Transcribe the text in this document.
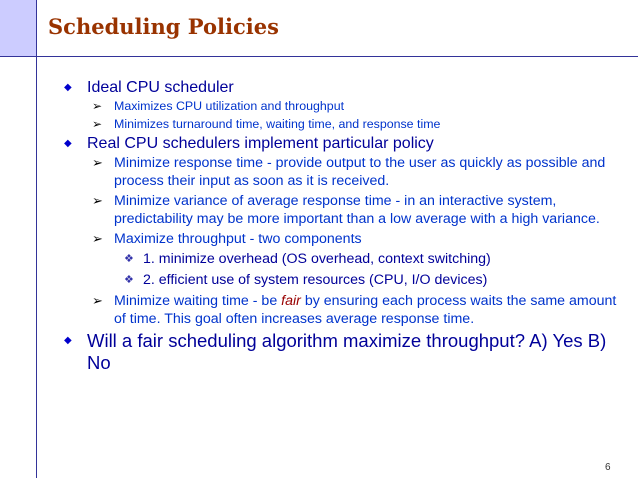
Scheduling Policies
◆ Ideal CPU scheduler
➢ Maximizes CPU utilization and throughput
➢ Minimizes turnaround time, waiting time, and response time
◆ Real CPU schedulers implement particular policy
➢ Minimize response time - provide output to the user as quickly as possible and process their input as soon as it is received.
➢ Minimize variance of average response time - in an interactive system, predictability may be more important than a low average with a high variance.
➢ Maximize throughput - two components
❖ 1. minimize overhead (OS overhead, context switching)
❖ 2. efficient use of system resources (CPU, I/O devices)
➢ Minimize waiting time - be fair by ensuring each process waits the same amount of time. This goal often increases average response time.
◆ Will a fair scheduling algorithm maximize throughput? A) Yes B) No
6
